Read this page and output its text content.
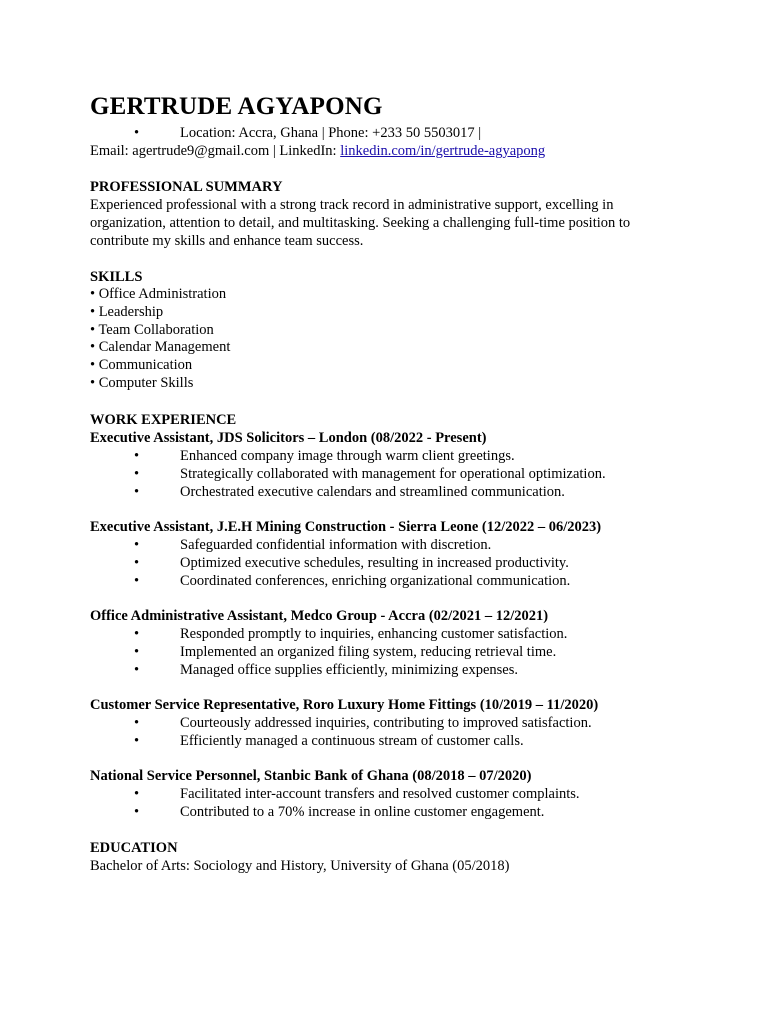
GERTRUDE AGYAPONG
•	Location: Accra, Ghana | Phone: +233 50 5503017 |
Email: agertrude9@gmail.com | LinkedIn: linkedin.com/in/gertrude-agyapong
PROFESSIONAL SUMMARY

Experienced professional with a strong track record in administrative support, excelling in

organization, attention to detail, and multitasking. Seeking a challenging full-time position to

contribute my skills and enhance team success.

SKILLS
• Office Administration
• Leadership
• Team Collaboration
• Calendar Management
• Communication
• Computer Skills
WORK EXPERIENCE
Executive Assistant, JDS Solicitors – London (08/2022 - Present)
•	Enhanced company image through warm client greetings.
•	Strategically collaborated with management for operational optimization.
•	Orchestrated executive calendars and streamlined communication.
Executive Assistant, J.E.H Mining Construction - Sierra Leone (12/2022 – 06/2023)
•	Safeguarded confidential information with discretion.
•	Optimized executive schedules, resulting in increased productivity.
•	Coordinated conferences, enriching organizational communication.
Office Administrative Assistant, Medco Group - Accra (02/2021 – 12/2021)
•	Responded promptly to inquiries, enhancing customer satisfaction.
•	Implemented an organized filing system, reducing retrieval time.
•	Managed office supplies efficiently, minimizing expenses.
Customer Service Representative, Roro Luxury Home Fittings (10/2019 – 11/2020)
•	Courteously addressed inquiries, contributing to improved satisfaction.
•	Efficiently managed a continuous stream of customer calls.
National Service Personnel, Stanbic Bank of Ghana (08/2018 – 07/2020)
•	Facilitated inter-account transfers and resolved customer complaints.
•	Contributed to a 70% increase in online customer engagement.
EDUCATION
Bachelor of Arts: Sociology and History, University of Ghana (05/2018)
